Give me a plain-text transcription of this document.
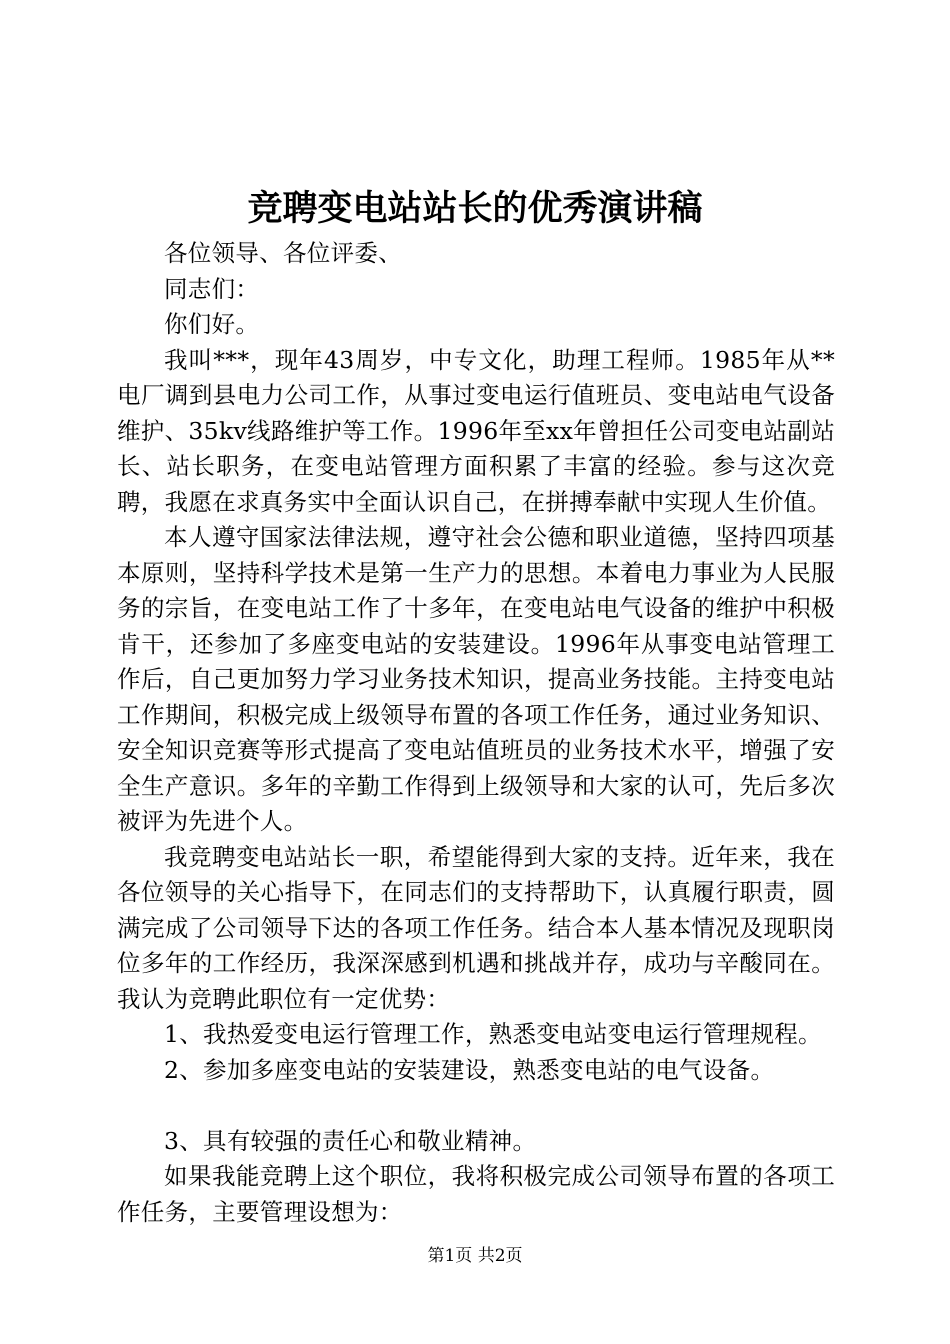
竞聘变电站站长的优秀演讲稿

各位领导、各位评委、

同志们：

你们好。

我叫***，现年43周岁，中专文化，助理工程师。1985年从**电厂调到县电力公司工作，从事过变电运行值班员、变电站电气设备维护、35kv线路维护等工作。1996年至xx年曾担任公司变电站副站长、站长职务，在变电站管理方面积累了丰富的经验。参与这次竞聘，我愿在求真务实中全面认识自己，在拼搏奉献中实现人生价值。

本人遵守国家法律法规，遵守社会公德和职业道德，坚持四项基本原则，坚持科学技术是第一生产力的思想。本着电力事业为人民服务的宗旨，在变电站工作了十多年，在变电站电气设备的维护中积极肯干，还参加了多座变电站的安装建设。1996年从事变电站管理工作后，自己更加努力学习业务技术知识，提高业务技能。主持变电站工作期间，积极完成上级领导布置的各项工作任务，通过业务知识、安全知识竞赛等形式提高了变电站值班员的业务技术水平，增强了安全生产意识。多年的辛勤工作得到上级领导和大家的认可，先后多次被评为先进个人。

我竞聘变电站站长一职，希望能得到大家的支持。近年来，我在各位领导的关心指导下，在同志们的支持帮助下，认真履行职责，圆满完成了公司领导下达的各项工作任务。结合本人基本情况及现职岗位多年的工作经历，我深深感到机遇和挑战并存，成功与辛酸同在。我认为竞聘此职位有一定优势：

1、我热爱变电运行管理工作，熟悉变电站变电运行管理规程。

2、参加多座变电站的安装建设，熟悉变电站的电气设备。

3、具有较强的责任心和敬业精神。

如果我能竞聘上这个职位，我将积极完成公司领导布置的各项工作任务，主要管理设想为：

第1页 共2页
